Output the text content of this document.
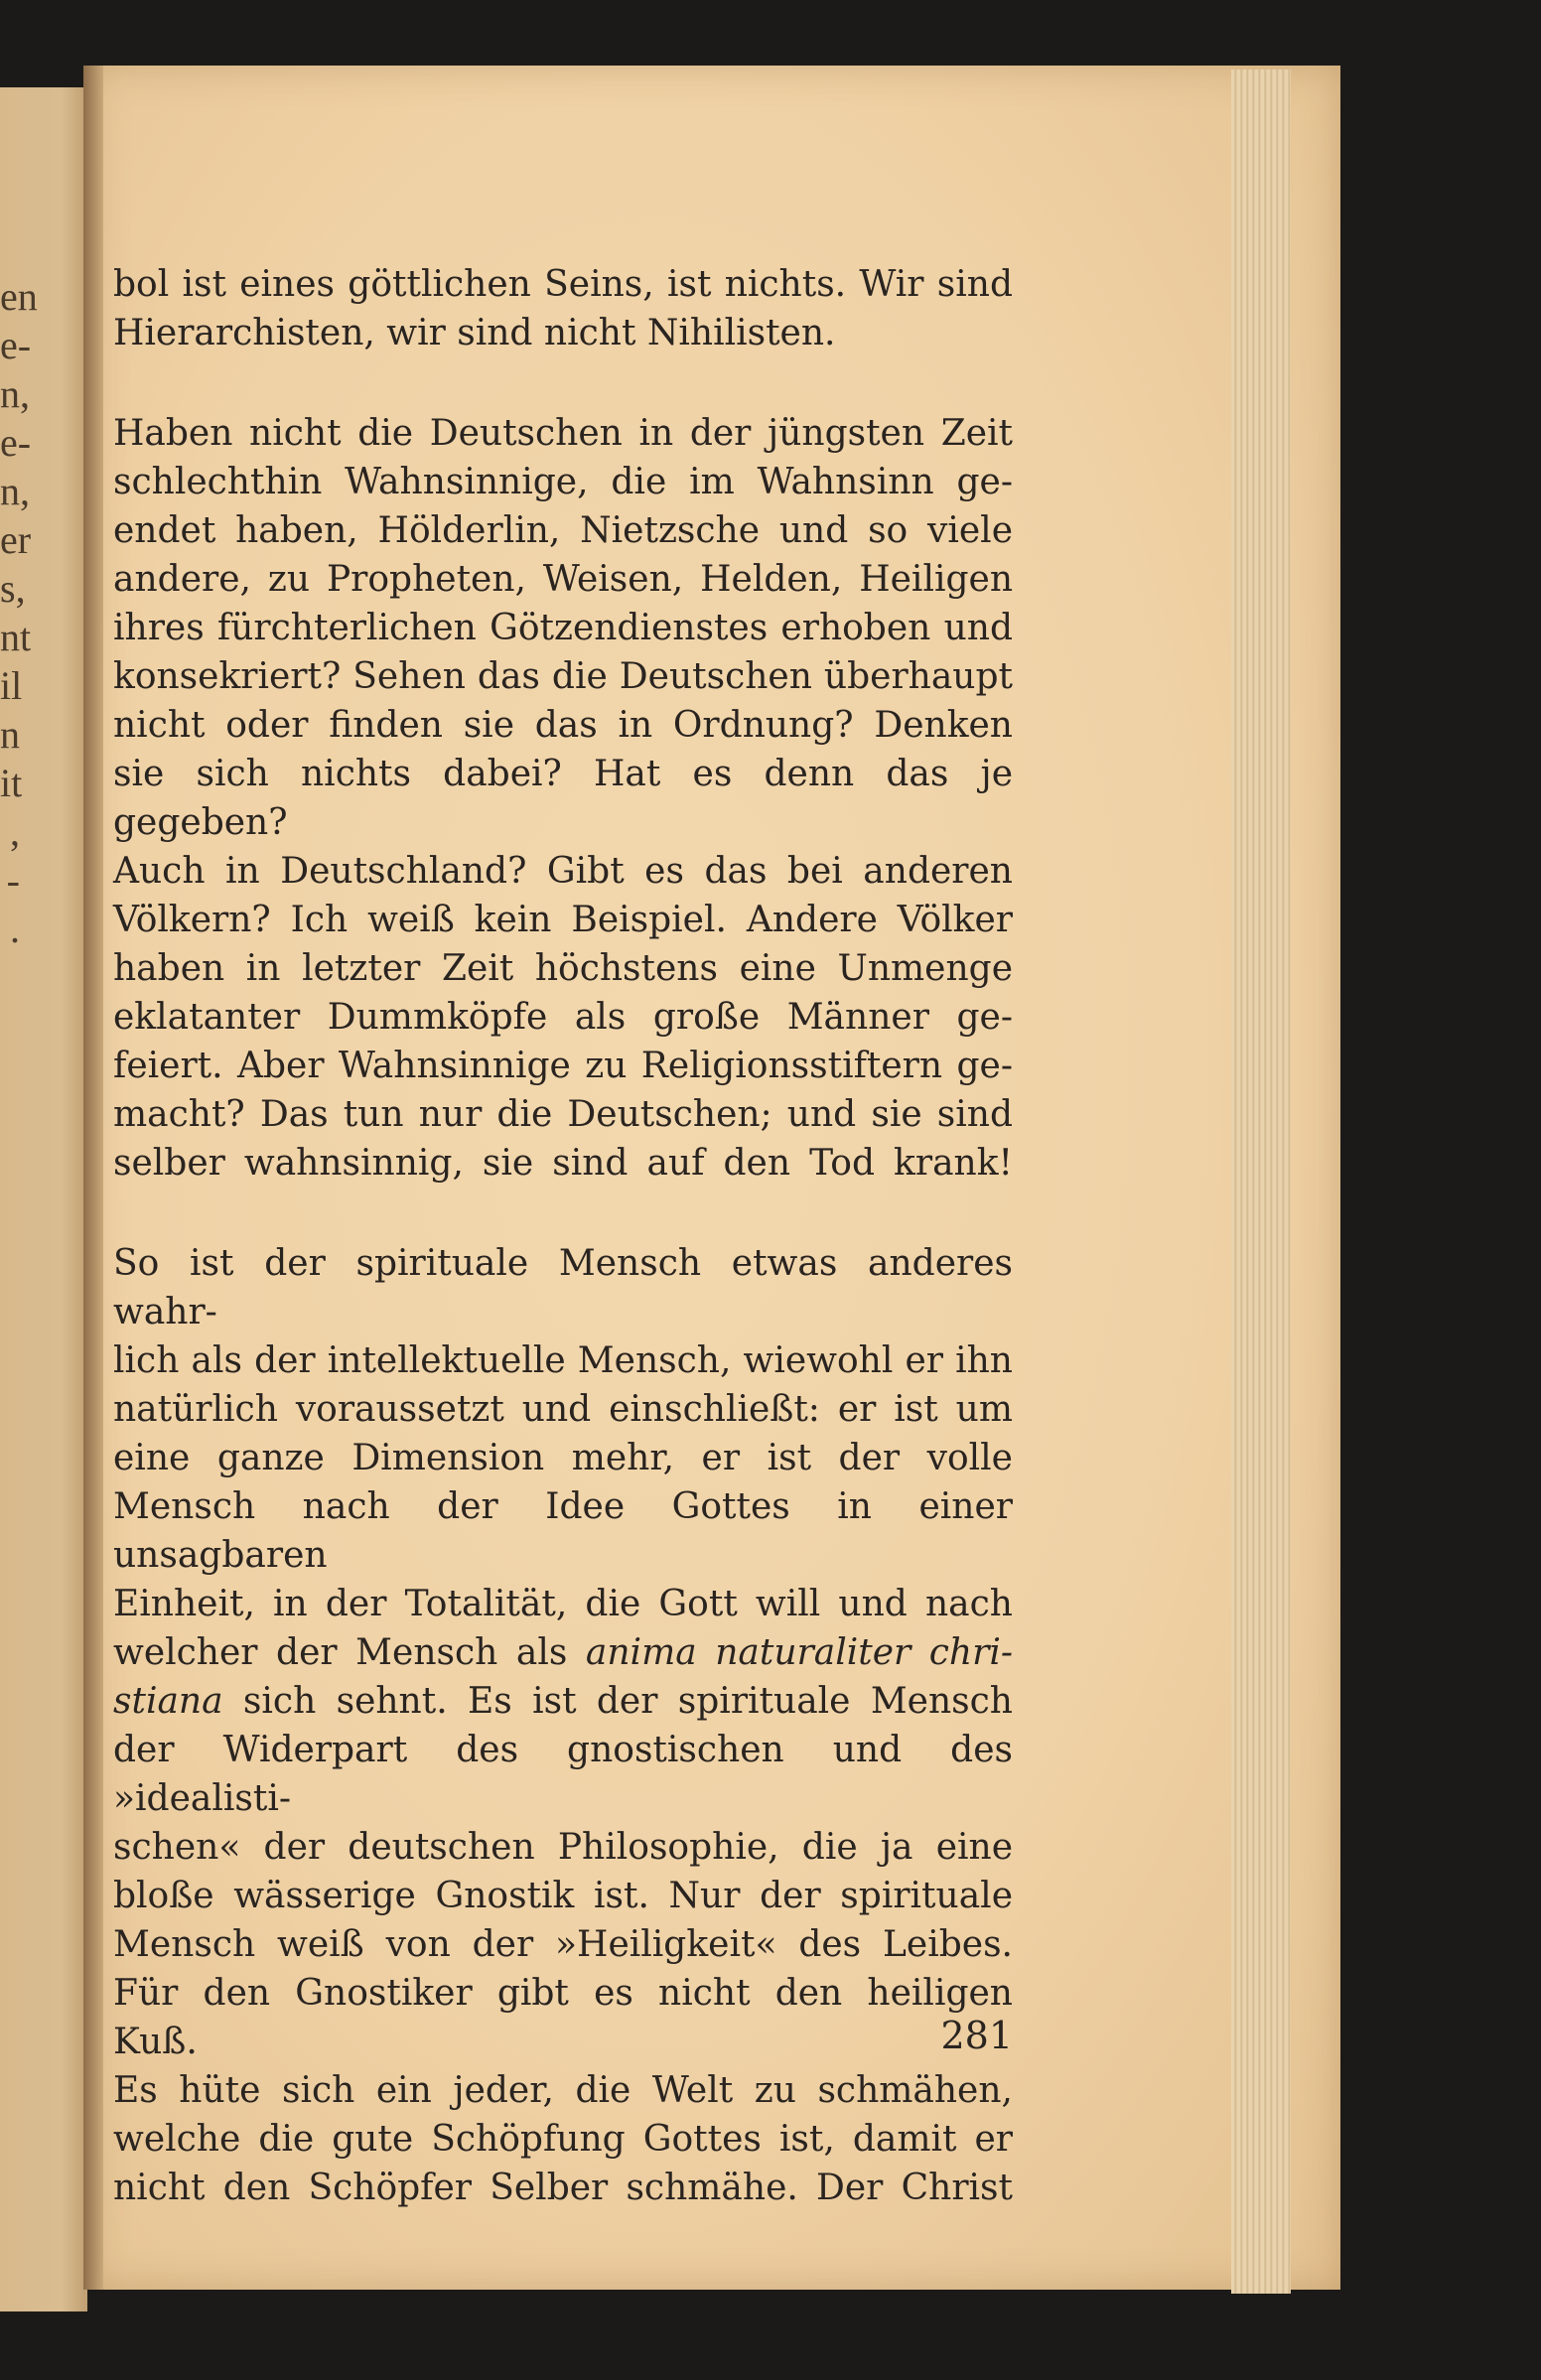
en
e-
n,
e-
n,
er
s,
nt
il
n
it
,
-
.

bol ist eines göttlichen Seins, ist nichts. Wir sind
Hierarchisten, wir sind nicht Nihilisten.

Haben nicht die Deutschen in der jüngsten Zeit
schlechthin Wahnsinnige, die im Wahnsinn ge-
endet haben, Hölderlin, Nietzsche und so viele
andere, zu Propheten, Weisen, Helden, Heiligen
ihres fürchterlichen Götzendienstes erhoben und
konsekriert? Sehen das die Deutschen überhaupt
nicht oder finden sie das in Ordnung? Denken
sie sich nichts dabei? Hat es denn das je gegeben?
Auch in Deutschland? Gibt es das bei anderen
Völkern? Ich weiß kein Beispiel. Andere Völker
haben in letzter Zeit höchstens eine Unmenge
eklatanter Dummköpfe als große Männer ge-
feiert. Aber Wahnsinnige zu Religionsstiftern ge-
macht? Das tun nur die Deutschen; und sie sind
selber wahnsinnig, sie sind auf den Tod krank!

So ist der spirituale Mensch etwas anderes wahr-
lich als der intellektuelle Mensch, wiewohl er ihn
natürlich voraussetzt und einschließt: er ist um
eine ganze Dimension mehr, er ist der volle
Mensch nach der Idee Gottes in einer unsagbaren
Einheit, in der Totalität, die Gott will und nach
welcher der Mensch als anima naturaliter chri-
stiana sich sehnt. Es ist der spirituale Mensch
der Widerpart des gnostischen und des »idealisti-
schen« der deutschen Philosophie, die ja eine
bloße wässerige Gnostik ist. Nur der spirituale
Mensch weiß von der »Heiligkeit« des Leibes.
Für den Gnostiker gibt es nicht den heiligen Kuß.
Es hüte sich ein jeder, die Welt zu schmähen,
welche die gute Schöpfung Gottes ist, damit er
nicht den Schöpfer Selber schmähe. Der Christ

281
